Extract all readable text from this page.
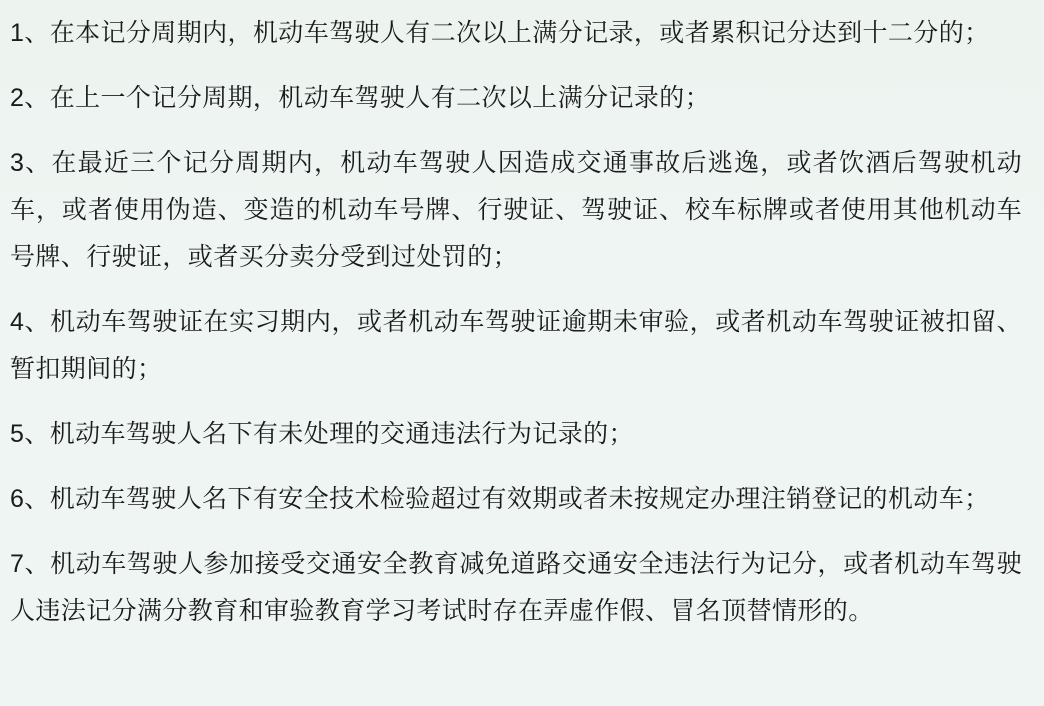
1、在本记分周期内，机动车驾驶人有二次以上满分记录，或者累积记分达到十二分的；

2、在上一个记分周期，机动车驾驶人有二次以上满分记录的；

3、在最近三个记分周期内，机动车驾驶人因造成交通事故后逃逸，或者饮酒后驾驶机动车，或者使用伪造、变造的机动车号牌、行驶证、驾驶证、校车标牌或者使用其他机动车号牌、行驶证，或者买分卖分受到过处罚的；

4、机动车驾驶证在实习期内，或者机动车驾驶证逾期未审验，或者机动车驾驶证被扣留、暂扣期间的；

5、机动车驾驶人名下有未处理的交通违法行为记录的；

6、机动车驾驶人名下有安全技术检验超过有效期或者未按规定办理注销登记的机动车；

7、机动车驾驶人参加接受交通安全教育减免道路交通安全违法行为记分，或者机动车驾驶人违法记分满分教育和审验教育学习考试时存在弄虚作假、冒名顶替情形的。
